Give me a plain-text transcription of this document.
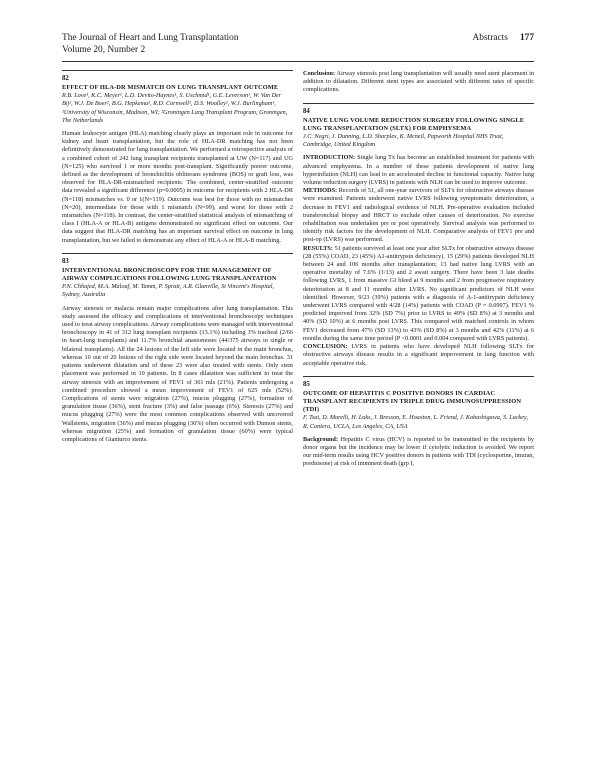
The Journal of Heart and Lung Transplantation
Volume 20, Number 2
Abstracts 177
82
EFFECT OF HLA-DR MISMATCH ON LUNG TRANSPLANT OUTCOME
R.B. Love¹, K.C. Meyer¹, L.D. Devito-Haynes¹, S. Uschmid¹, G.E. Leverson¹, W. Van Der Bij², W.J. De Boer², B.G. Hepkema², R.D. Cornwell¹, D.S. Woolley¹, W.J. Burlingham¹, ¹University of Wisconsin, Madison, WI; ²Groningen Lung Transplant Program, Groningen, The Netherlands
Human leukocyte antigen (HLA) matching clearly plays an important role in outcome for kidney and heart transplantation, but the role of HLA-DR matching has not been definitively demonstrated for lung transplantation. We performed a retrospective analysis of a combined cohort of 242 lung transplant recipients transplanted at UW (N=117) and UG (N=125) who survived 1 or more months post-transplant. Significantly poorer outcome, defined as the development of bronchiolitis obliterans syndrome (BOS) or graft loss, was observed for HLA-DR-mismatched recipients. The combined, center-stratified outcome data revealed a significant difference (p=0.0005) in outcome for recipients with 2 HLA-DR (N=118) mismatches vs. 0 or 1(N=119). Outcome was best for those with no mismatches (N=20), intermediate for those with 1 mismatch (N=99), and worst for those with 2 mismatches (N=118). In contrast, the center-stratified statistical analysis of mismatching of class I (HLA-A or HLA-B) antigens demonstrated no significant effect on outcome. Our data suggest that HLA-DR matching has an important survival effect on outcome in lung transplantation, but we failed to demonstrate any effect of HLA-A or HLA-B matching.
83
INTERVENTIONAL BRONCHOSCOPY FOR THE MANAGEMENT OF AIRWAY COMPLICATIONS FOLLOWING LUNG TRANSPLANTATION
P.N. Chhajed, M.A. Malouf, M. Tamm, P. Spratt, A.R. Glanville, St Vincent's Hospital, Sydney, Australia
Airway stenosis or malacia remain major complications after lung transplantation. This study assessed the efficacy and complications of interventional bronchoscopy techniques used to treat airway complications. Airway complications were managed with interventional bronchoscopy in 41 of 312 lung transplant recipients (13.1%) including 3% tracheal (2/66 in heart-lung transplants) and 11.7% bronchial anastomoses (44/375 airways in single or bilateral transplants). All the 24 lesions of the left side were located in the main bronchus, whereas 10 out of 20 lesions of the right side were located beyond the main bronchus. 31 patients underwent dilatation and of these 23 were also treated with stents. Only stent placement was performed in 10 patients. In 8 cases dilatation was sufficient to treat the airway stenosis with an improvement of FEV1 of 361 mls (21%). Patients undergoing a combined procedure showed a mean improvement of FEV1 of 625 mls (52%). Complications of stents were migration (27%), mucus plugging (27%), formation of granulation tissue (36%), stent fracture (3%) and false passage (6%). Stenosis (27%) and mucus plugging (27%) were the most common complications observed with uncovered Wallstents, migration (36%) and mucus plugging (36%) often occurred with Dumon stents, whereas migration (25%) and formation of granulation tissue (60%) were typical complications of Gianturco stents.
Conclusion: Airway stenosis post lung transplantation will usually need stent placement in addition to dilatation. Different stent types are associated with different rates of specific complications.
84
NATIVE LUNG VOLUME REDUCTION SURGERY FOLLOWING SINGLE LUNG TRANSPLANTATION (SLTX) FOR EMPHYSEMA
J.C. Negri, J. Dunning, L.D. Sharples, K. Mcneil, Papworth Hospital NHS Trust, Cambridge, United Kingdom
INTRODUCTION: Single lung Tx has become an established treatment for patients with advanced emphysema. In a number of these patients development of native lung hyperinflation (NLH) can lead to an accelerated decline in functional capacity. Native lung volume reduction surgery (LVRS) in patients with NLH can be used to improve outcome.
METHODS: Records of 51, all one-year survivors of SLTx for obstructive airways disease were examined. Patients underwent native LVRS following symptomatic deterioration, a decrease in FEV1 and radiological evidence of NLH. Pre-operative evaluation included transbronchial biopsy and HRCT to exclude other causes of deterioration. No exercise rehabilitation was undertaken pre or post operatively. Survival analysis was performed to identify risk factors for the development of NLH. Comparative analysis of FEV1 pre and post-op (LVRS) was performed.
RESULTS: 51 patients survived at least one year after SLTx for obstructive airways disease (28 (55%) COAD, 23 (45%) A1-antitrypsin deficiency). 15 (29%) patients developed NLH between 24 and 106 months after transplantation; 13 had native lung LVRS with an operative mortality of 7.6% (1/13) and 2 await surgery. There have been 3 late deaths following LVRS, 1 from massive GI bleed at 9 months and 2 from progressive respiratory deterioration at 8 and 11 months after LVRS. No significant predictors of NLH were identified. However, 9/23 (39%) patients with a diagnosis of A-1-antitrypsin deficiency underwent LVRS compared with 4/28 (14%) patients with COAD (P = 0.0997). FEV1 % predicted improved from 32% (SD 7%) prior to LVRS to 49% (SD 8%) at 3 months and 40% (SD 10%) at 6 months post LVRS. This compared with matched controls in whom FEV1 decreased from 47% (SD 13%) to 43% (SD 8%) at 3 months and 42% (11%) at 6 months during the same time period (P <0.0001 and 0.004 compared with LVRS patients).
CONCLUSION: LVRS in patients who have developed NLH following SLTx for obstructive airways disease results in a significant improvement in lung function with acceptable operative risk.
85
OUTCOME OF HEPATITIS C POSITIVE DONORS IN CARDIAC TRANSPLANT RECIPIENTS IN TRIPLE DRUG IMMUNOSUPPRESSION (TDI)
F. Tsai, D. Marelli, H. Laks, J. Bresson, E. Hoaxton, L. Friend, J. Kobashigawa, S. Lackey, R. Cantera, UCLA, Los Angeles, CA, USA
Background: Hepatitis C virus (HCV) is reported to be transmitted to the recipients by donor organs but the incidence may be lower if cytolytic induction is avoided. We report our mid-term results using HCV positive donors in patients with TDI (cyclosporine, imuran, prednisone) at risk of imminent death (grp I,
